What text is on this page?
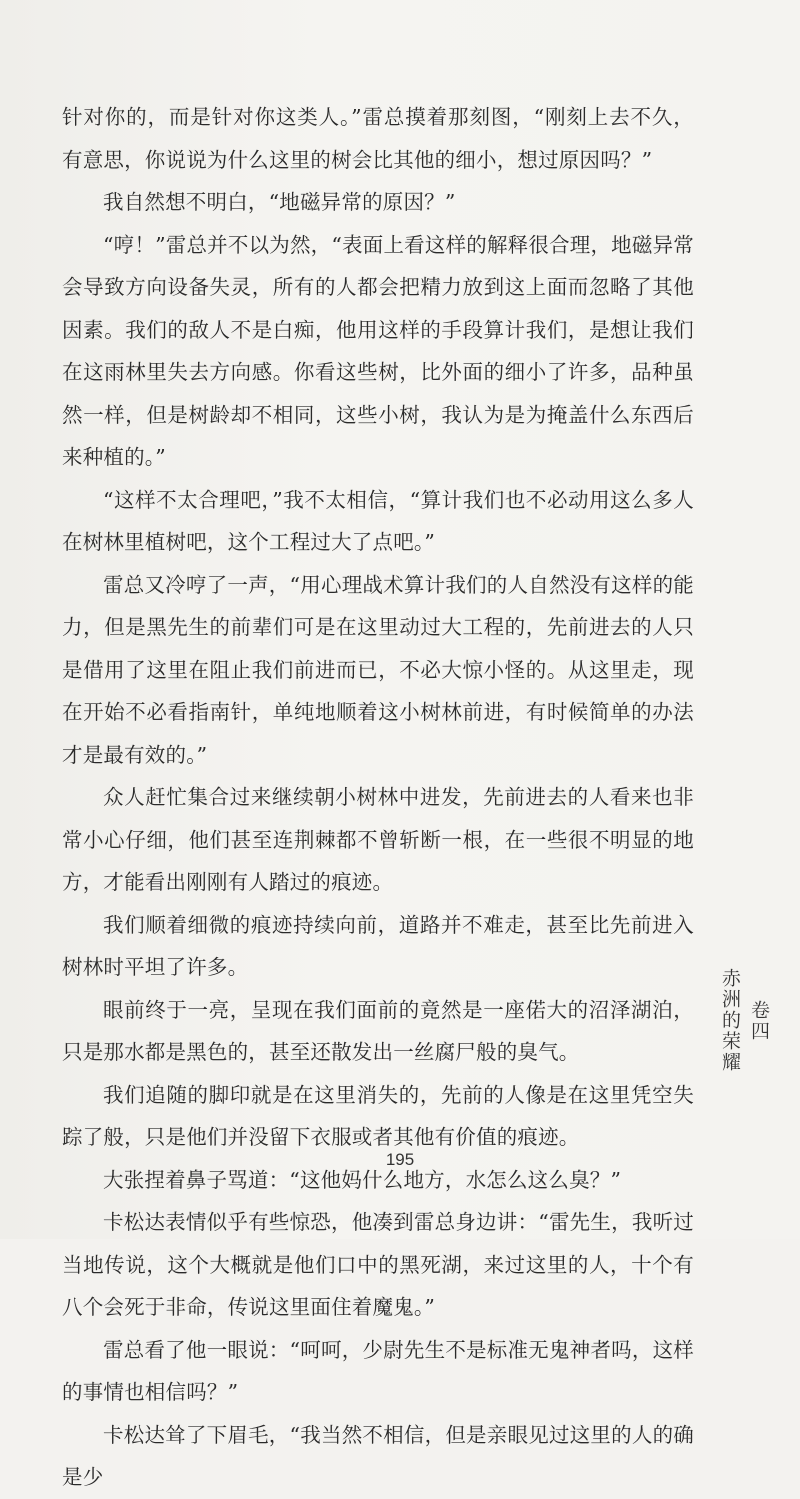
针对你的，而是针对你这类人。”雷总摸着那刻图，“刚刻上去不久，有意思，你说说为什么这里的树会比其他的细小，想过原因吗？”

我自然想不明白，“地磁异常的原因？”

“哼！”雷总并不以为然，“表面上看这样的解释很合理，地磁异常会导致方向设备失灵，所有的人都会把精力放到这上面而忽略了其他因素。我们的敌人不是白痴，他用这样的手段算计我们，是想让我们在这雨林里失去方向感。你看这些树，比外面的细小了许多，品种虽然一样，但是树龄却不相同，这些小树，我认为是为掩盖什么东西后来种植的。”

“这样不太合理吧，”我不太相信，“算计我们也不必动用这么多人在树林里植树吧，这个工程过大了点吧。”

雷总又冷哼了一声，“用心理战术算计我们的人自然没有这样的能力，但是黑先生的前辈们可是在这里动过大工程的，先前进去的人只是借用了这里在阻止我们前进而已，不必大惊小怪的。从这里走，现在开始不必看指南针，单纯地顺着这小树林前进，有时候简单的办法才是最有效的。”

众人赶忙集合过来继续朝小树林中进发，先前进去的人看来也非常小心仔细，他们甚至连荆棘都不曾斩断一根，在一些很不明显的地方，才能看出刚刚有人踏过的痕迹。

我们顺着细微的痕迹持续向前，道路并不难走，甚至比先前进入树林时平坦了许多。

眼前终于一亮，呈现在我们面前的竟然是一座偌大的沼泽湖泊，只是那水都是黑色的，甚至还散发出一丝腐尸般的臭气。

我们追随的脚印就是在这里消失的，先前的人像是在这里凭空失踪了般，只是他们并没留下衣服或者其他有价值的痕迹。

大张捏着鼻子骂道：“这他妈什么地方，水怎么这么臭？”

卡松达表情似乎有些惊恐，他凑到雷总身边讲：“雷先生，我听过当地传说，这个大概就是他们口中的黑死湖，来过这里的人，十个有八个会死于非命，传说这里面住着魔鬼。”

雷总看了他一眼说：“呵呵，少尉先生不是标准无鬼神者吗，这样的事情也相信吗？”

卡松达耸了下眉毛，“我当然不相信，但是亲眼见过这里的人的确是少

卷四
赤洲的荣耀
195
